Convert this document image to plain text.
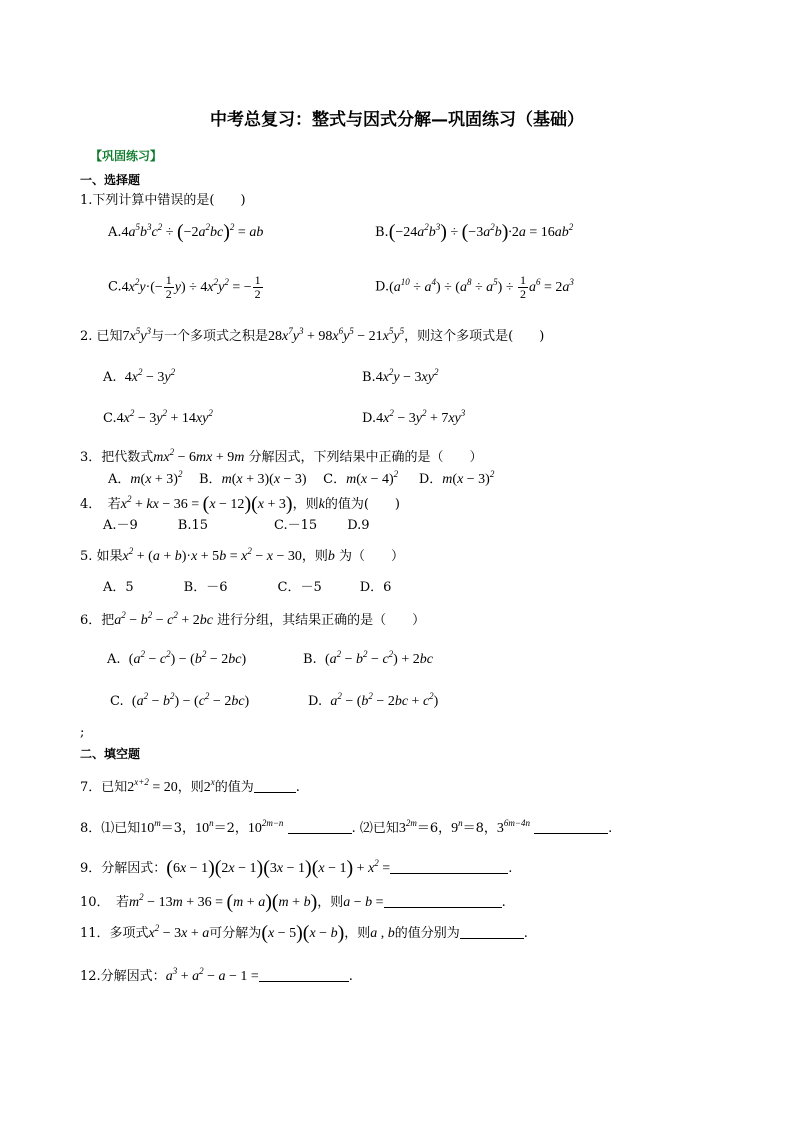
中考总复习：整式与因式分解—巩固练习（基础）
【巩固练习】
一、选择题
1.下列计算中错误的是(　　)
$A.4a^5b^3c^2 \div (-2a^2bc)^2$ = ab	$B.(-24a^2b^3) \div (-3a^2b)\cdot 2a = 16ab^2$
$C.4x^2y\cdot(- \frac{1}{2} y) \div 4x^2y^2$ = − $\frac{1}{2}$	$D.(a^{10} \div a^4) \div (a^8 \div a^5) \div \frac{1}{2} a^6 = 2a^3$
2. 已知$7x^5y^3$与一个多项式之积是$28x^7y^3 + 98x^6y^5 - 21x^5y^5$，则这个多项式是(　　)
A. $4x^2 - 3y^2$	$B.4x^2y - 3xy^2$
$C.4x^2 - 3y^2 + 14xy^2$	$D.4x^2 - 3y^2 + 7xy^3$
3．把代数式$mx^2 - 6mx + 9m$ 分解因式，下列结果中正确的是（　　）
A．$m(x + 3)^2$ B．m(x + 3)(x − 3) C．$m(x - 4)^2$ D．$m(x - 3)^2$
4．　若$x^2$ + kx − 36 = (x − 12)(x + 3)，则k的值为(　　)
A.－9	B.15	C.－15 D.9
5. 如果$x^2 + (a + b)\cdot x + 5b = x^2 - x - 30$，则b 为（　　）
A．5	B．－6	C．－5	D．6
6．把$a^2 - b^2 - c^2 + 2bc$ 进行分组，其结果正确的是（　　）
A. $(a^2 - c^2) - (b^2 - 2bc)$	B. $(a^2 - b^2 - c^2) + 2bc$
C. $(a^2 - b^2) - (c^2 - 2bc)$	D. $a^2 - (b^2 - 2bc + c^2)$
;
二、填空题
7．已知$2^{x+2} = 20$，则2$^x$的值为	.
8．⑴已知$10^m=3$，$10^n=2$，$10^{2m-n}$	. ⑵已知$3^{2m}=6$，$9^n=8$，$3^{6m-4n}$	.
9．分解因式：$(6x - 1)(2x - 1)(3x - 1)(x - 1) + x^2$ =	.
10．　若$m^2 - 13m + 36 = (m + a)(m + b)$，则a − b =	.
11．多项式$x^2 - 3x + a$可分解为(x − 5)(x − b)，则a , b的值分别为	.
12.分解因式：$a^3 + a^2 - a - 1$ =	.
